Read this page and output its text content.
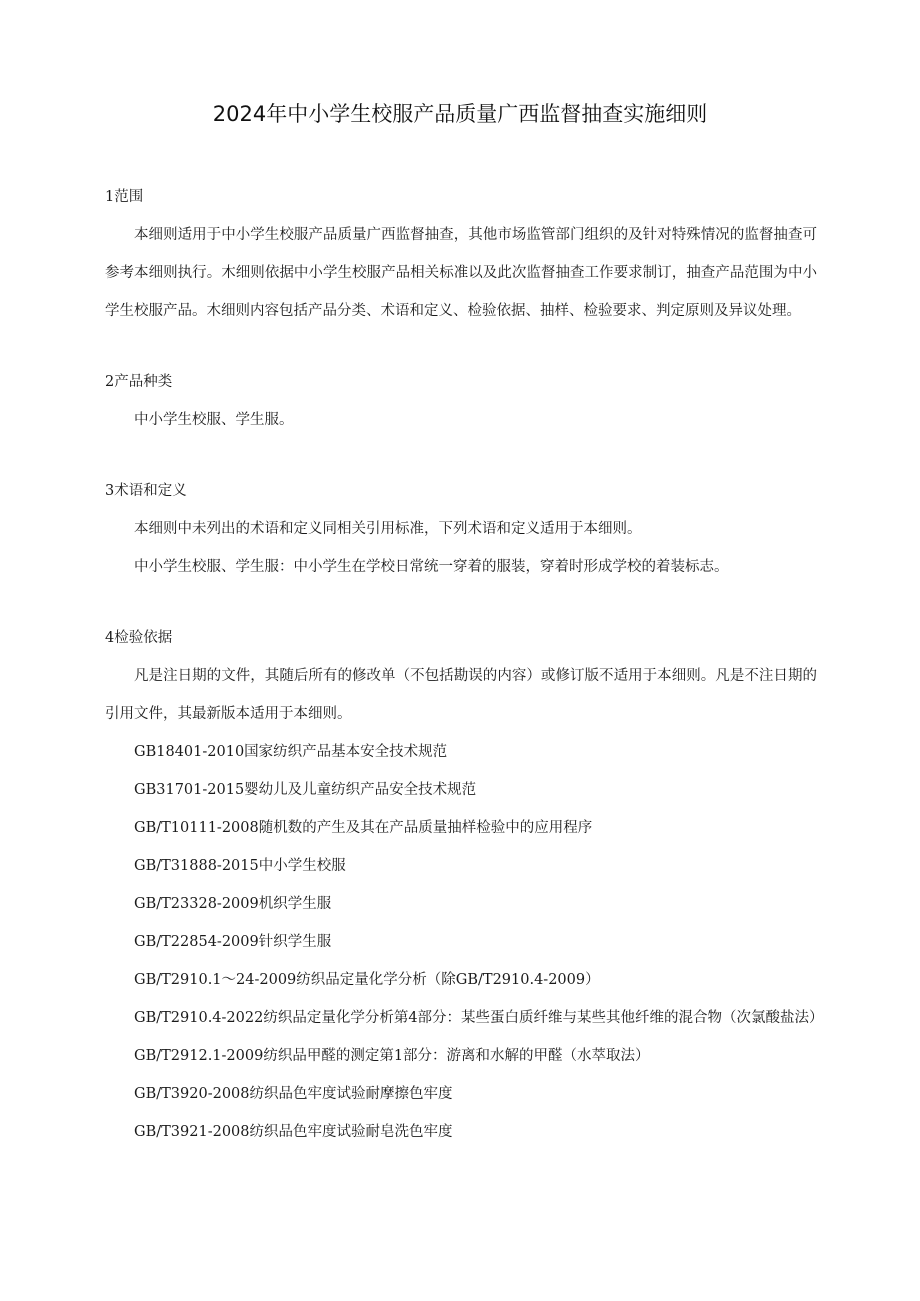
2024年中小学生校服产品质量广西监督抽查实施细则

1范围

本细则适用于中小学生校服产品质量广西监督抽查，其他市场监管部门组织的及针对特殊情况的监督抽查可参考本细则执行。木细则依据中小学生校服产品相关标准以及此次监督抽查工作要求制订，抽查产品范围为中小学生校服产品。木细则内容包括产品分类、术语和定义、检验依据、抽样、检验要求、判定原则及异议处理。

2产品种类

中小学生校服、学生服。

3术语和定义

本细则中未列出的术语和定义同相关引用标准，下列术语和定义适用于本细则。

中小学生校服、学生服：中小学生在学校日常统一穿着的服装，穿着时形成学校的着装标志。

4检验依据

凡是注日期的文件，其随后所有的修改单（不包括勘误的内容）或修订版不适用于本细则。凡是不注日期的引用文件，其最新版本适用于本细则。

GB18401-2010国家纺织产品基本安全技术规范

GB31701-2015婴幼儿及儿童纺织产品安全技术规范

GB/T10111-2008随机数的产生及其在产品质量抽样检验中的应用程序

GB/T31888-2015中小学生校服

GB/T23328-2009机织学生服

GB/T22854-2009针织学生服

GB/T2910.1～24-2009纺织品定量化学分析（除GB/T2910.4-2009）

GB/T2910.4-2022纺织品定量化学分析第4部分：某些蛋白质纤维与某些其他纤维的混合物（次氯酸盐法）

GB/T2912.1-2009纺织品甲醛的测定第1部分：游离和水解的甲醛（水萃取法）

GB/T3920-2008纺织品色牢度试验耐摩擦色牢度

GB/T3921-2008纺织品色牢度试验耐皂洗色牢度
